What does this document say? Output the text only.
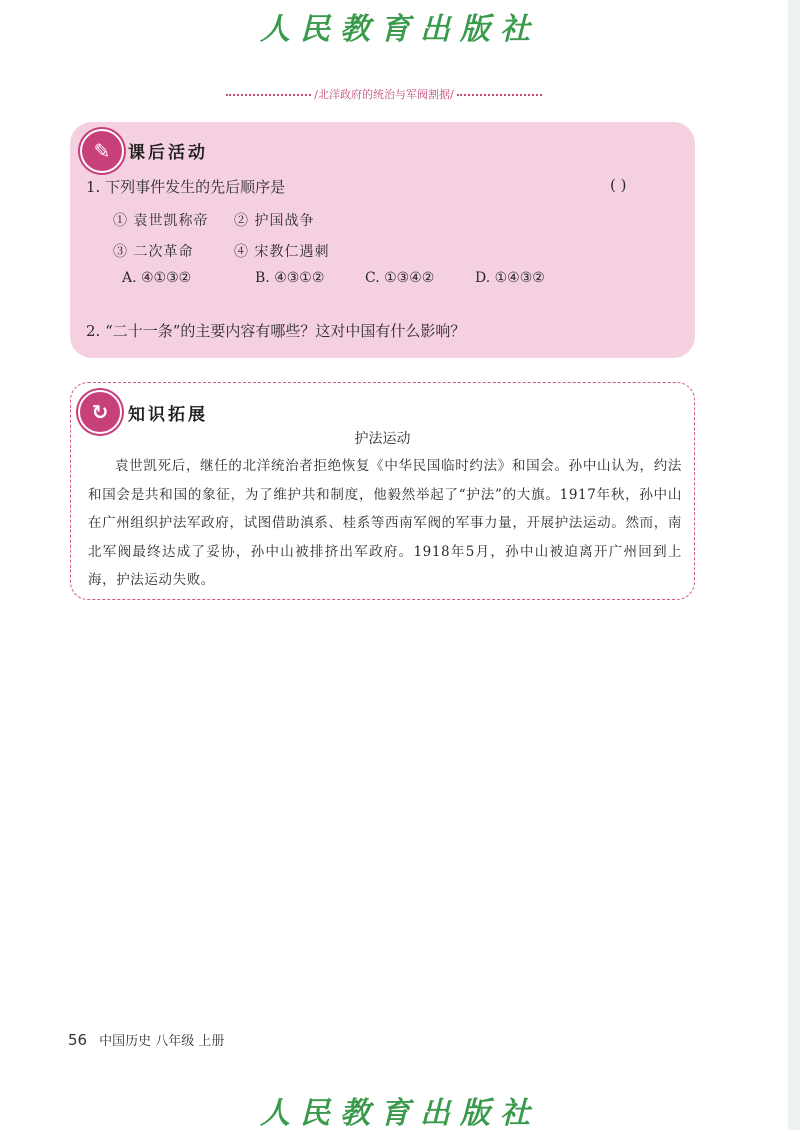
人民教育出版社
/北洋政府的统治与军阀割据/
✎	课后活动
1. 下列事件发生的先后顺序是	( )
① 袁世凯称帝 ② 护国战争
③ 二次革命	④ 宋教仁遇刺
A. ④①③②	B. ④③①②	C. ①③④②	D. ①④③②
2. “二十一条”的主要内容有哪些？这对中国有什么影响？
↻	知识拓展
护法运动
袁世凯死后，继任的北洋统治者拒绝恢复《中华民国临时约法》和国会。孙中山认为，约法和国会是共和国的象征，为了维护共和制度，他毅然举起了“护法”的大旗。1917年秋，孙中山在广州组织护法军政府，试图借助滇系、桂系等西南军阀的军事力量，开展护法运动。然而，南北军阀最终达成了妥协，孙中山被排挤出军政府。1918年5月，孙中山被迫离开广州回到上海，护法运动失败。
56 中国历史 八年级 上册
人民教育出版社
